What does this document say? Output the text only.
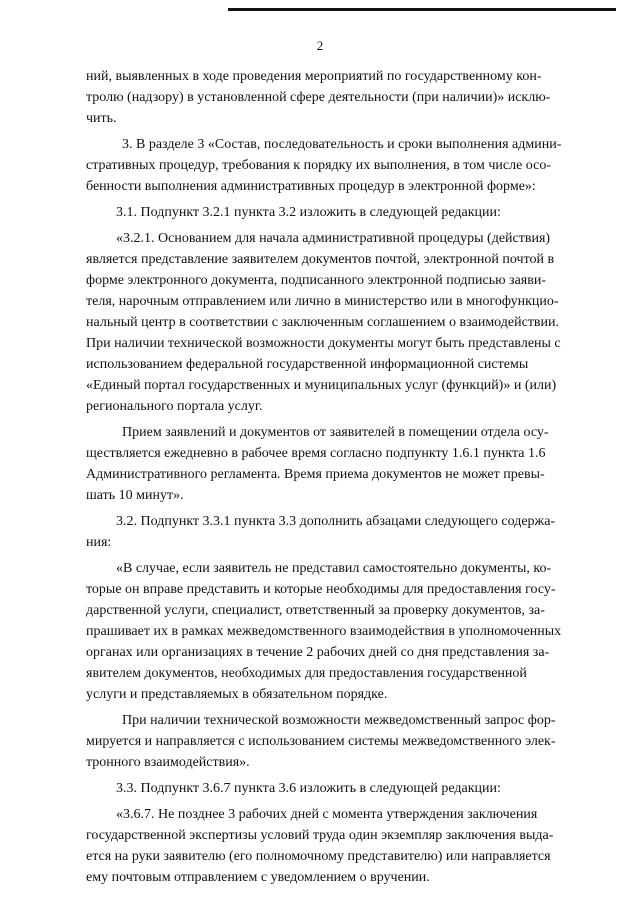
2
ний, выявленных в ходе проведения мероприятий по государственному кон-
тролю (надзору) в установленной сфере деятельности (при наличии)» исклю-
чить.
3. В разделе 3 «Состав, последовательность и сроки выполнения админи-
стративных процедур, требования к порядку их выполнения, в том числе осо-
бенности выполнения административных процедур в электронной форме»:
3.1. Подпункт 3.2.1 пункта 3.2 изложить в следующей редакции:
«3.2.1. Основанием для начала административной процедуры (действия)
является представление заявителем документов почтой, электронной почтой в
форме электронного документа, подписанного электронной подписью заяви-
теля, нарочным отправлением или лично в министерство или в многофункцио-
нальный центр в соответствии с заключенным соглашением о взаимодействии.
При наличии технической возможности документы могут быть представлены с
использованием федеральной государственной информационной системы
«Единый портал государственных и муниципальных услуг (функций)» и (или)
регионального портала услуг.
Прием заявлений и документов от заявителей в помещении отдела осу-
ществляется ежедневно в рабочее время согласно подпункту 1.6.1 пункта 1.6
Административного регламента. Время приема документов не может превы-
шать 10 минут».
3.2. Подпункт 3.3.1 пункта 3.3 дополнить абзацами следующего содержа-
ния:
«В случае, если заявитель не представил самостоятельно документы, ко-
торые он вправе представить и которые необходимы для предоставления госу-
дарственной услуги, специалист, ответственный за проверку документов, за-
прашивает их в рамках межведомственного взаимодействия в уполномоченных
органах или организациях в течение 2 рабочих дней со дня представления за-
явителем документов, необходимых для предоставления государственной
услуги и представляемых в обязательном порядке.
При наличии технической возможности межведомственный запрос фор-
мируется и направляется с использованием системы межведомственного элек-
тронного взаимодействия».
3.3. Подпункт 3.6.7 пункта 3.6 изложить в следующей редакции:
«3.6.7. Не позднее 3 рабочих дней с момента утверждения заключения
государственной экспертизы условий труда один экземпляр заключения выда-
ется на руки заявителю (его полномочному представителю) или направляется
ему почтовым отправлением с уведомлением о вручении.
